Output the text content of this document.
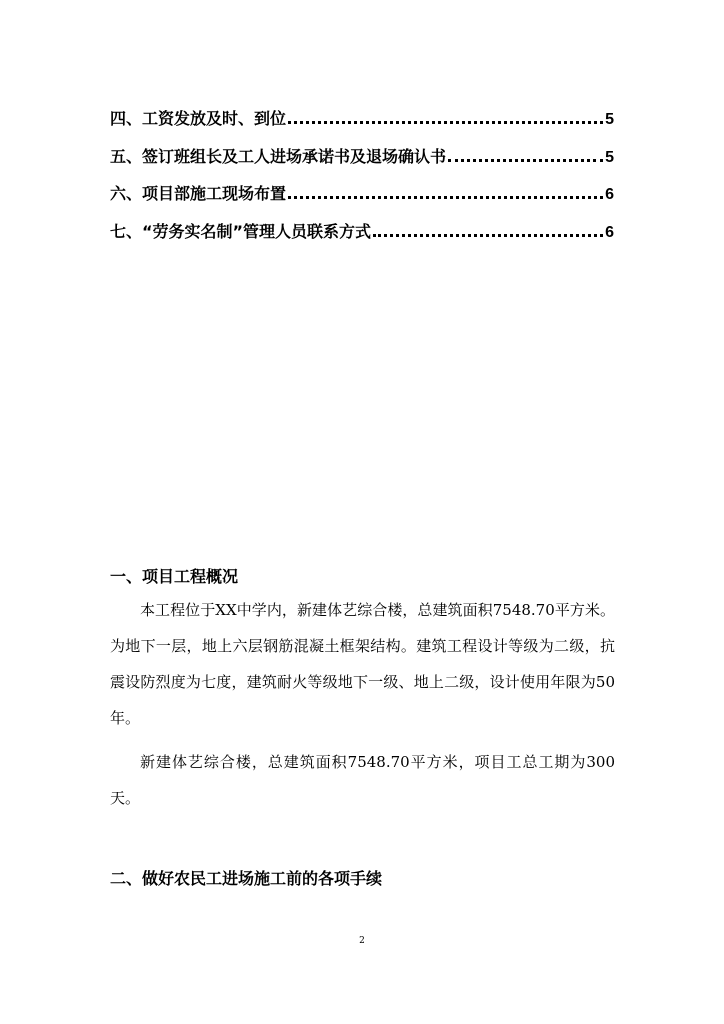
四、工资发放及时、到位	5
五、签订班组长及工人进场承诺书及退场确认书	5
六、项目部施工现场布置	6
七、“劳务实名制”管理人员联系方式	6
一、项目工程概况

本工程位于XX中学内，新建体艺综合楼，总建筑面积7548.70平方米。为地下一层，地上六层钢筋混凝土框架结构。建筑工程设计等级为二级，抗震设防烈度为七度，建筑耐火等级地下一级、地上二级，设计使用年限为50年。

新建体艺综合楼，总建筑面积7548.70平方米，项目工总工期为300天。

二、做好农民工进场施工前的各项手续
2
